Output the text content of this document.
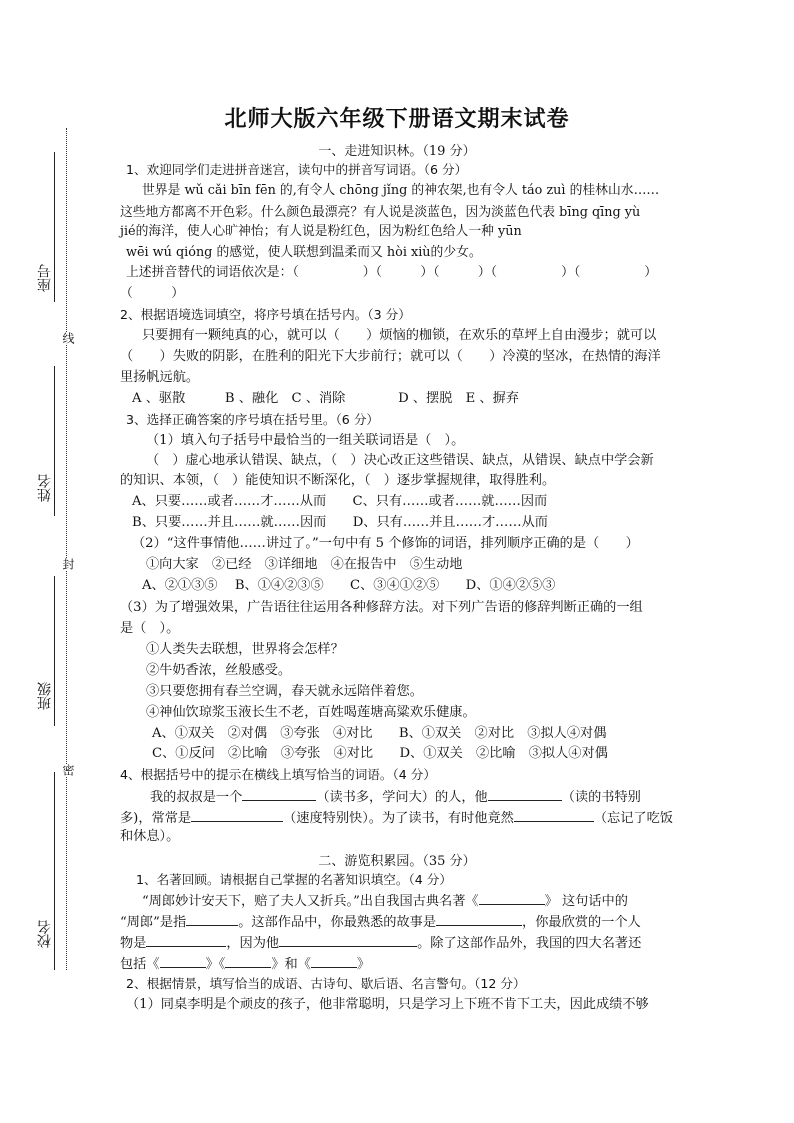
座号
姓名
班级
校名
线
封
密
北师大版六年级下册语文期末试卷
一、走进知识林。（19 分）
1、欢迎同学们走进拼音迷宫，读句中的拼音写词语。（6 分）
世界是 wǔ cǎi bīn fēn 的,有令人 chōng jǐng 的神农架,也有令人 táo zuì 的桂林山水……
这些地方都离不开色彩。什么颜色最漂亮？有人说是淡蓝色，因为淡蓝色代表 bīng qīng yù
jié的海洋，使人心旷神怡；有人说是粉红色，因为粉红色给人一种 yūn
wēi wú qióng 的感觉，使人联想到温柔而又 hòi xiù的少女。
上述拼音替代的词语依次是：（　　　　　）（　　　）（　　　）（　　　　　）（　　　　　）
（　　　）
2、根据语境选词填空，将序号填在括号内。（3 分）
只要拥有一颗纯真的心，就可以（　　）烦恼的枷锁，在欢乐的草坪上自由漫步；就可以
（　　）失败的阴影，在胜利的阳光下大步前行；就可以（　　）冷漠的坚冰，在热情的海洋
里扬帆远航。
A 、驱散　　　B 、融化　C 、消除　　　　D 、摆脱　E 、摒弃
3、选择正确答案的序号填在括号里。（6 分）
（1）填入句子括号中最恰当的一组关联词语是（　）。
（　）虚心地承认错误、缺点，（　）决心改正这些错误、缺点，从错误、缺点中学会新
的知识、本领，（　）能使知识不断深化，（　）逐步掌握规律，取得胜利。
A、只要……或者……才……从而　　C、只有……或者……就……因而
B、只要……并且……就……因而　　D、只有……并且……才……从而
（2）“这件事情他……讲过了。”一句中有 5 个修饰的词语，排列顺序正确的是（　　）
①向大家　②已经　③详细地　④在报告中　⑤生动地
A、②①③⑤　 B、①④②③⑤　　C、③④①②⑤　　D、①④②⑤③
（3）为了增强效果，广告语往往运用各种修辞方法。对下列广告语的修辞判断正确的一组
是（　）。
①人类失去联想，世界将会怎样？
②牛奶香浓，丝般感受。
③只要您拥有春兰空调，春天就永远陪伴着您。
④神仙饮琼浆玉液长生不老，百姓喝莲塘高粱欢乐健康。
A、①双关　②对偶　③夸张　④对比　　B、①双关　②对比　③拟人④对偶
C、①反问　②比喻　③夸张　④对比　　D、①双关　②比喻　③拟人④对偶
4、根据括号中的提示在横线上填写恰当的词语。（4 分）
我的叔叔是一个	（读书多，学问大）的人，他	（读的书特别
多)，常常是	（速度特别快）。为了读书，有时他竟然	（忘记了吃饭
和休息）。
二、游览积累园。（35 分）
1、名著回顾。请根据自己掌握的名著知识填空。（4 分）
“周郎妙计安天下，赔了夫人又折兵。”出自我国古典名著《	》 这句话中的
“周郎”是指	。这部作品中，你最熟悉的故事是	，你最欣赏的一个人
物是	，因为他	。除了这部作品外，我国的四大名著还
包括《	》《	》和《	》
2、根据情景，填写恰当的成语、古诗句、歇后语、名言警句。（12 分）
（1）同桌李明是个顽皮的孩子，他非常聪明，只是学习上下班不肯下工夫，因此成绩不够
